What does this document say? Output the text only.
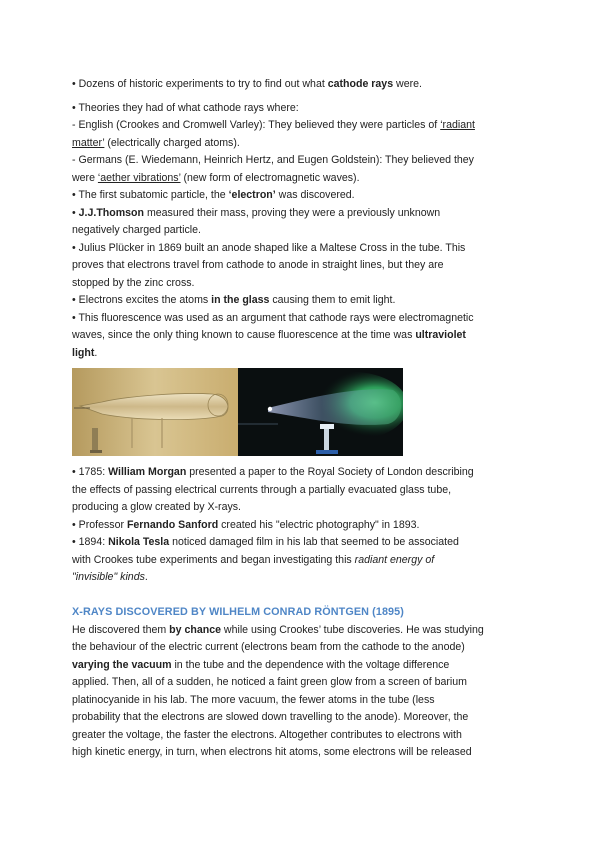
• Dozens of historic experiments to try to find out what cathode rays were.

• Theories they had of what cathode rays where:

- English (Crookes and Cromwell Varley): They believed they were particles of ‘radiant
matter’ (electrically charged atoms).

- Germans (E. Wiedemann, Heinrich Hertz, and Eugen Goldstein): They believed they
were ‘aether vibrations’ (new form of electromagnetic waves).

• The first subatomic particle, the ‘electron’ was discovered.

• J.J.Thomson measured their mass, proving they were a previously unknown
negatively charged particle.

• Julius Plücker in 1869 built an anode shaped like a Maltese Cross in the tube. This
proves that electrons travel from cathode to anode in straight lines, but they are
stopped by the zinc cross.

• Electrons excites the atoms in the glass causing them to emit light.

• This fluorescence was used as an argument that cathode rays were electromagnetic
waves, since the only thing known to cause fluorescence at the time was ultraviolet
light.

• 1785: William Morgan presented a paper to the Royal Society of London describing
the effects of passing electrical currents through a partially evacuated glass tube,
producing a glow created by X-rays.

• Professor Fernando Sanford created his "electric photography" in 1893.

• 1894: Nikola Tesla noticed damaged film in his lab that seemed to be associated
with Crookes tube experiments and began investigating this radiant energy of
"invisible" kinds.

X-RAYS DISCOVERED BY WILHELM CONRAD RÖNTGEN (1895)

He discovered them by chance while using Crookes’ tube discoveries. He was studying
the behaviour of the electric current (electrons beam from the cathode to the anode)
varying the vacuum in the tube and the dependence with the voltage difference
applied. Then, all of a sudden, he noticed a faint green glow from a screen of barium
platinocyanide in his lab. The more vacuum, the fewer atoms in the tube (less
probability that the electrons are slowed down travelling to the anode). Moreover, the
greater the voltage, the faster the electrons. Altogether contributes to electrons with
high kinetic energy, in turn, when electrons hit atoms, some electrons will be released
